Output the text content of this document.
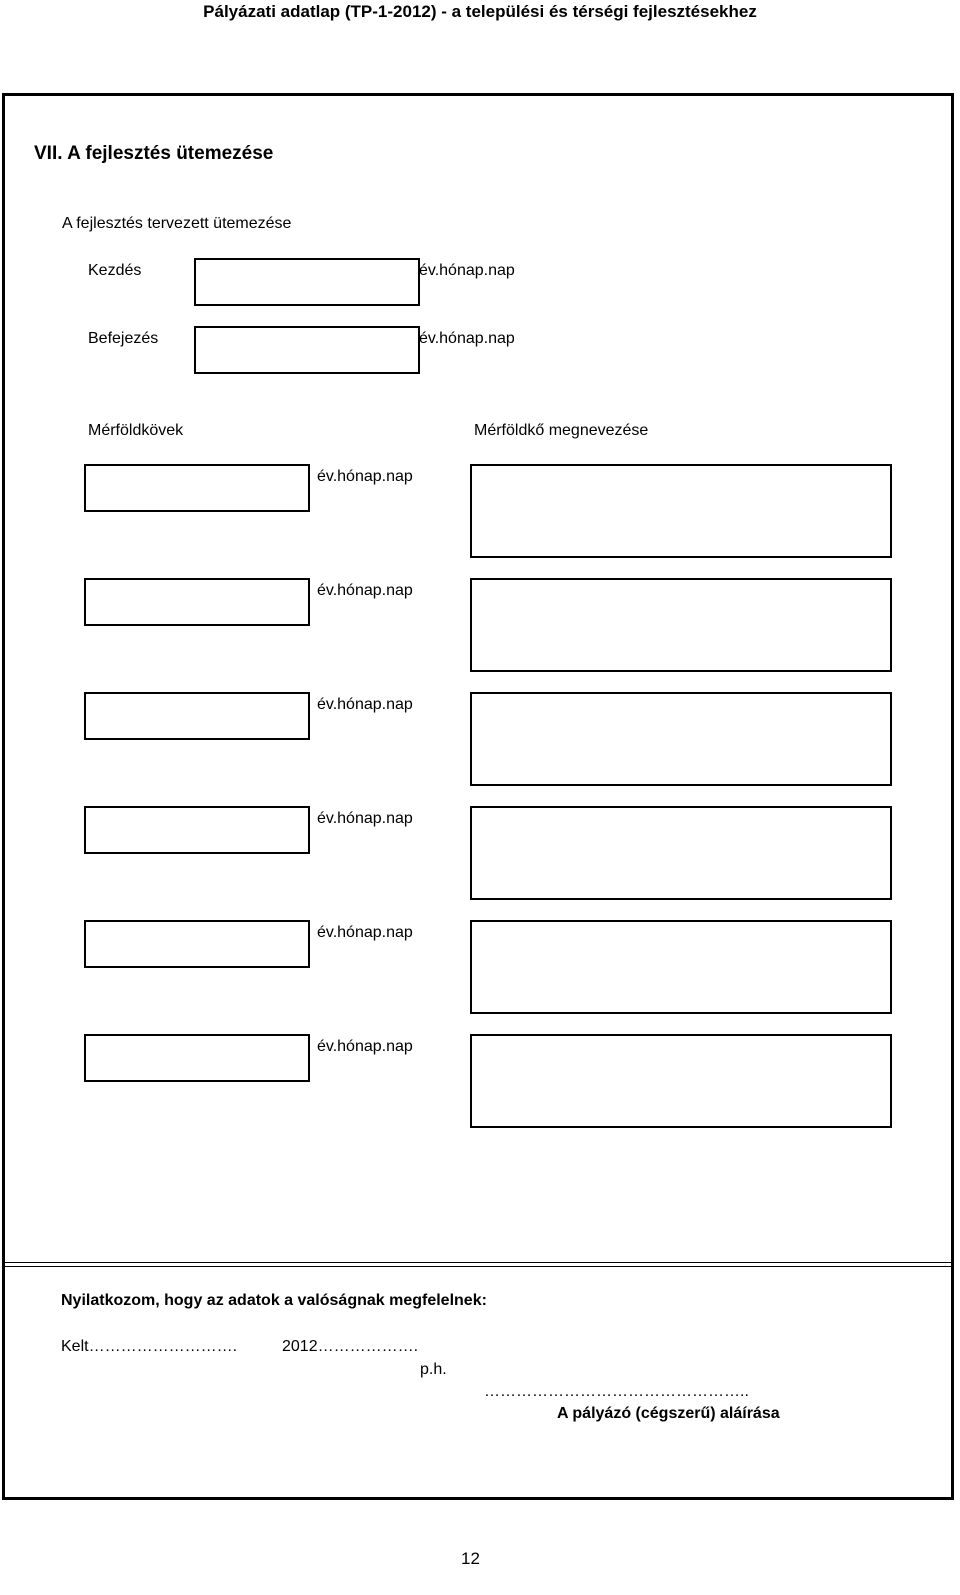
Pályázati adatlap (TP-1-2012) - a települési és térségi fejlesztésekhez
VII. A fejlesztés ütemezése
A fejlesztés tervezett ütemezése
Kezdés	év.hónap.nap
Befejezés	év.hónap.nap
Mérföldkövek	Mérföldkő megnevezése
év.hónap.nap
év.hónap.nap
év.hónap.nap
év.hónap.nap
év.hónap.nap
év.hónap.nap
Nyilatkozom, hogy az adatok a valóságnak megfelelnek:
Kelt……………………….	2012……………….
p.h.
…………………………………………..
A pályázó (cégszerű) aláírása
12
